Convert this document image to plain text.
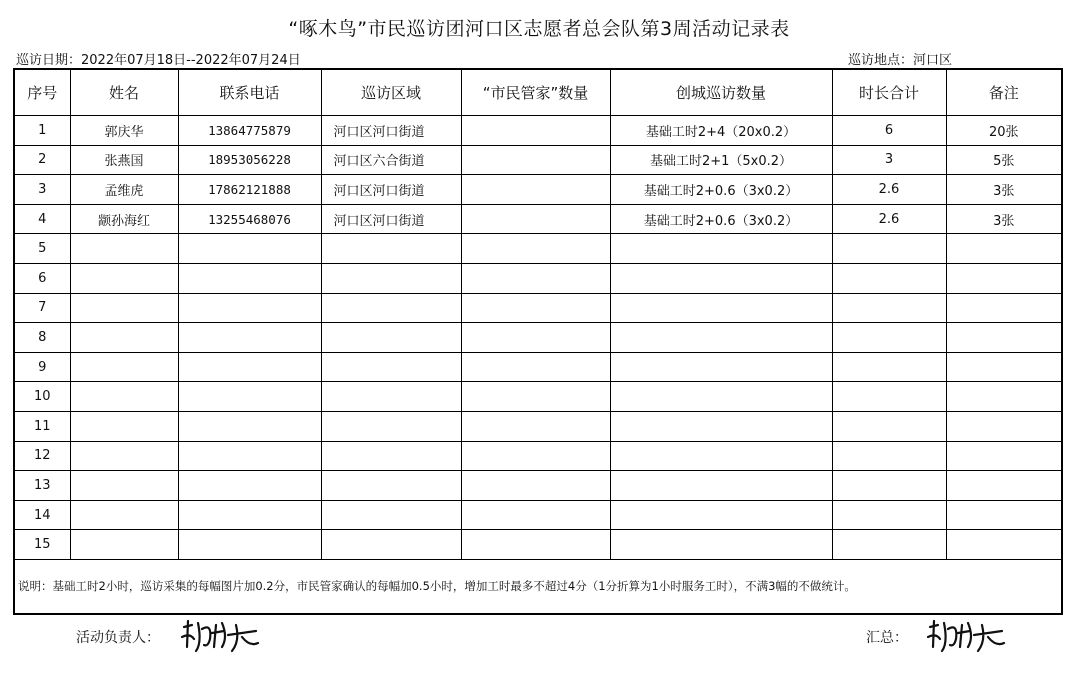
“啄木鸟”市民巡访团河口区志愿者总会队第3周活动记录表
巡访日期：2022年07月18日--2022年07月24日	巡访地点：河口区
序号	姓名	联系电话	巡访区域	“市民管家”数量	创城巡访数量	时长合计	备注
1	郭庆华	13864775879	河口区河口街道		基础工时2+4（20x0.2）	6	20张
2	张燕国	18953056228	河口区六合街道		基础工时2+1（5x0.2）	3	5张
3	孟维虎	17862121888	河口区河口街道		基础工时2+0.6（3x0.2）	2.6	3张
4	颛孙海红	13255468076	河口区河口街道		基础工时2+0.6（3x0.2）	2.6	3张
5							
6							
7							
8							
9							
10							
11							
12							
13							
14							
15							
说明：基础工时2小时，巡访采集的每幅图片加0.2分，市民管家确认的每幅加0.5小时，增加工时最多不超过4分（1分折算为1小时服务工时），不满3幅的不做统计。							
活动负责人：	汇总：
